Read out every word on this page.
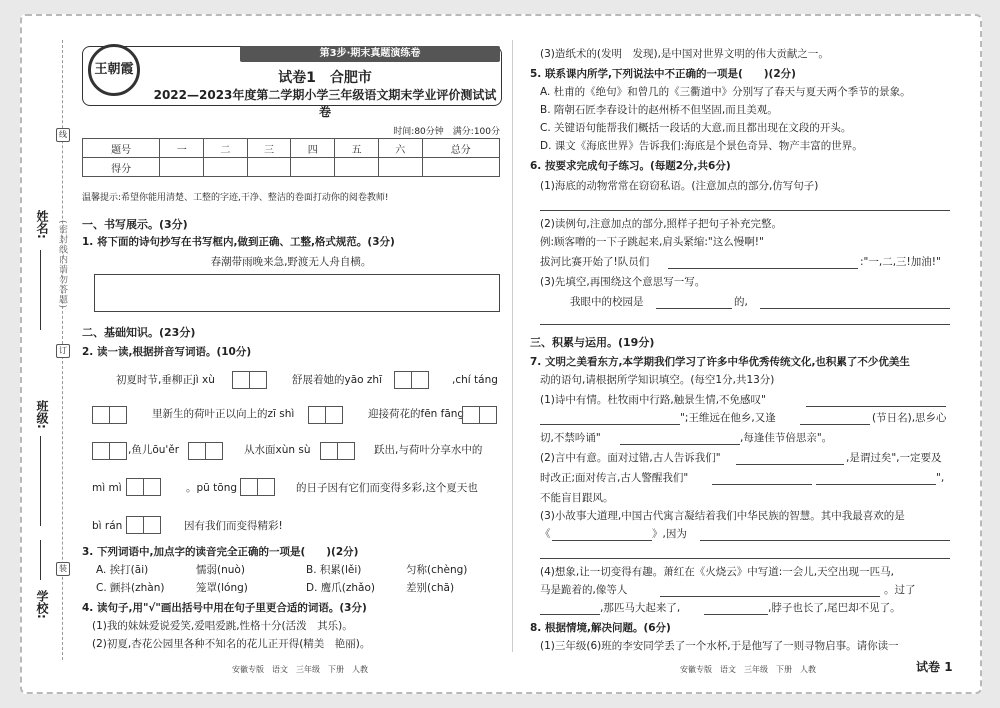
姓名:
班级:
学校:
(密封线内请勿答题)
线
订
装
第3步·期末真题演练卷
王朝霞
试卷1　合肥市
2022—2023年度第二学期小学三年级语文期末学业评价测试试卷
时间:80分钟　满分:100分
题号	一	二	三	四	五	六	总分
得分							
温馨提示:希望你能用清楚、工整的字迹,干净、整洁的卷面打动你的阅卷教师!
一、书写展示。(3分)
1. 将下面的诗句抄写在书写框内,做到正确、工整,格式规范。(3分)
春潮带雨晚来急,野渡无人舟自横。
二、基础知识。(23分)
2. 读一读,根据拼音写词语。(10分)
初夏时节,垂柳正jì xù	舒展着她的yāo zhī	,chí táng
里新生的荷叶正以向上的zī shì	迎接荷花的fēn fāng
,鱼儿ōu'ěr	从水面xùn sù	跃出,与荷叶分享水中的
mì mì	。pū tōng	的日子因有它们而变得多彩,这个夏天也
bì rán	因有我们而变得精彩!
3. 下列词语中,加点字的读音完全正确的一项是(　　)(2分)
A. 挨打(āi)	懦弱(nuò)	B. 积累(lěi)	匀称(chèng)
C. 颤抖(zhàn)	笼罩(lóng)	D. 鹰爪(zhǎo)	差别(chā)
4. 读句子,用"√"画出括号中用在句子里更合适的词语。(3分)
(1)我的妹妹爱说爱笑,爱唱爱跳,性格十分(活泼　其乐)。
(2)初夏,杏花公园里各种不知名的花儿正开得(精美　艳丽)。
安徽专版　语文　三年级　下册　人教
(3)造纸术的(发明　发现),是中国对世界文明的伟大贡献之一。
5. 联系课内所学,下列说法中不正确的一项是(　　)(2分)
A. 杜甫的《绝句》和曾几的《三衢道中》分别写了春天与夏天两个季节的景象。
B. 隋朝石匠李春设计的赵州桥不但坚固,而且美观。
C. 关键语句能帮我们概括一段话的大意,而且都出现在文段的开头。
D. 课文《海底世界》告诉我们:海底是个景色奇异、物产丰富的世界。
6. 按要求完成句子练习。(每题2分,共6分)
(1)海底的动物常常在窃窃私语。(注意加点的部分,仿写句子)
(2)读例句,注意加点的部分,照样子把句子补充完整。
例:顾客噌的一下子跳起来,肩头紧缩:"这么慢啊!"
拔河比赛开始了!队员们	:"一,二,三!加油!"
(3)先填空,再围绕这个意思写一写。
我眼中的校园是	的,
三、积累与运用。(19分)
7. 文明之美看东方,本学期我们学习了许多中华优秀传统文化,也积累了不少优美生
动的语句,请根据所学知识填空。(每空1分,共13分)
(1)诗中有情。杜牧雨中行路,触景生情,不免感叹"
";王维远在他乡,又逢	(节日名),思乡心
切,不禁吟诵"	,每逢佳节倍思亲"。
(2)言中有意。面对过错,古人告诉我们"	,是谓过矣",一定要及
时改正;面对传言,古人警醒我们"	",
不能盲目跟风。
(3)小故事大道理,中国古代寓言凝结着我们中华民族的智慧。其中我最喜欢的是
《	》,因为
(4)想象,让一切变得有趣。萧红在《火烧云》中写道:一会儿,天空出现一匹马,
马是跪着的,像等人	。过了
,那匹马大起来了,	,脖子也长了,尾巴却不见了。
8. 根据情境,解决问题。(6分)
(1)三年级(6)班的李安同学丢了一个水杯,于是他写了一则寻物启事。请你读一
安徽专版　语文　三年级　下册　人教	试卷 1
